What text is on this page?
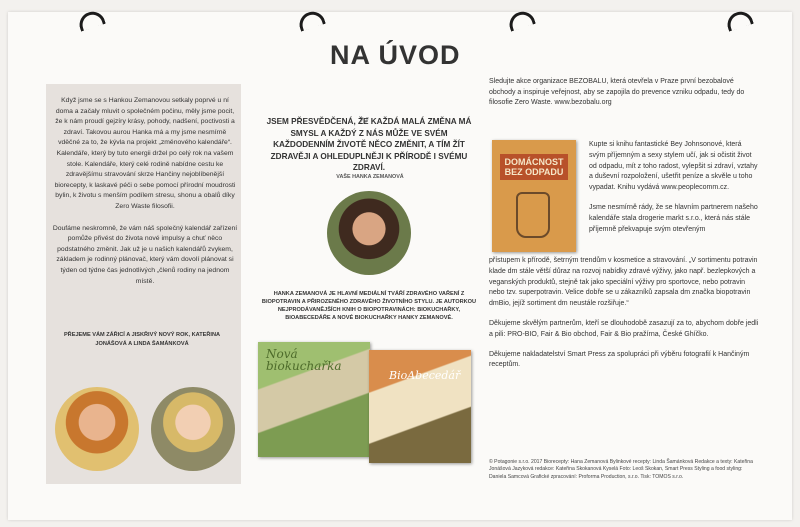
NA ÚVOD

Když jsme se s Hankou Zemanovou setkaly poprvé u ní doma a začaly mluvit o společném počinu, měly jsme pocit, že k nám proudí gejzíry krásy, pohody, nadšení, poctivosti a zdraví. Takovou aurou Hanka má a my jsme nesmírně vděčné za to, že kývla na projekt „změnového kalendáře“. Kalendáře, který by tuto energii držel po celý rok na vašem stole. Kalendáře, který celé rodině nabídne cestu ke zdravějšímu stravování skrze Hančiny nejoblíbenější biorecepty, k laskavé péči o sebe pomocí přírodní moudrosti bylin, k životu s menším podílem stresu, shonu a obalů díky Zero Waste filosofii.

Doufáme neskromně, že vám náš společný kalendář zařízení pomůže přivést do života nové impulsy a chuť něco podstatného změnit. Jak už je u našich kalendářů zvykem, základem je rodinný plánovač, který vám dovolí plánovat si týden od týdne čas jednotlivých „členů rodiny na jednom místě.

PŘEJEME VÁM ZÁŘICÍ A JISKŘIVÝ NOVÝ ROK, KATEŘINA JONÁŠOVÁ A LINDA ŠAMÁNKOVÁ
„
JSEM PŘESVĚDČENÁ, ŽE KAŽDÁ MALÁ ZMĚNA MÁ SMYSL A KAŽDÝ Z NÁS MŮŽE VE SVÉM KAŽDODENNÍM ŽIVOTĚ NĚCO ZMĚNIT, A TÍM ŽÍT ZDRAVĚJI A OHLEDUPLNĚJI K PŘÍRODĚ I SVÉMU ZDRAVÍ.
VAŠE HANKA ZEMANOVÁ
HANKA ZEMANOVÁ JE HLAVNÍ MEDIÁLNÍ TVÁŘÍ ZDRAVÉHO VAŘENÍ Z BIOPOTRAVIN A PŘIROZENÉHO ZDRAVÉHO ŽIVOTNÍHO STYLU. JE AUTORKOU NEJPRODÁVANĚJŠÍCH KNIH O BIOPOTRAVINÁCH: BIOKUCHAŘKY, BIOABECEDÁŘE A NOVÉ BIOKUCHAŘKY HANKY ZEMANOVÉ.
Nová biokuchařka
BioAbecedář
Sledujte akce organizace BEZOBALU, která otevřela v Praze první bezobalové obchody a inspiruje veřejnost, aby se zapojila do prevence vzniku odpadu, tedy do filosofie Zero Waste. www.bezobalu.org
DOMÁCNOST BEZ ODPADU

Kupte si knihu fantastické Bey Johnsonové, která svým příjemným a sexy stylem učí, jak si očistit život od odpadu, mít z toho radost, vylepšit si zdraví, vztahy a duševní rozpoložení, ušetřit peníze a skvěle u toho vypadat. Knihu vydává www.peoplecomm.cz.

Jsme nesmírně rády, že se hlavním partnerem našeho kalendáře stala drogerie markt s.r.o., která nás stále příjemně překvapuje svým otevřeným

přístupem k přírodě, šetrným trendům v kosmetice a stravování. „V sortimentu potravin klade dm stále větší důraz na rozvoj nabídky zdravé výživy, jako např. bezlepkových a veganských produktů, stejně tak jako speciální výživy pro sportovce, nebo potravin nebo tzv. superpotravin. Velice dobře se u zákazníků zapsala dm značka biopotravin dmBio, jejíž sortiment dm neustále rozšiřuje.“

Děkujeme skvělým partnerům, kteří se dlouhodobě zasazují za to, abychom dobře jedli a pili: PRO-BIO, Fair & Bio obchod, Fair & Bio pražírna, České Ghíčko.

Děkujeme nakladatelství Smart Press za spolupráci při výběru fotografií k Hančiným receptům.

© Potagonie s.r.o. 2017 Biorecepty: Hana Zemanová Bylinkové recepty: Linda Šamánková Redakce a texty: Kateřina Jonášová Jazyková redakce: Kateřina Skokanová Kyselá Foto: Leoš Skokan, Smart Press Styling a food styling: Daniela Samcová Grafické zpracování: Proforma Production, s.r.o. Tisk: TOMOS s.r.o.
